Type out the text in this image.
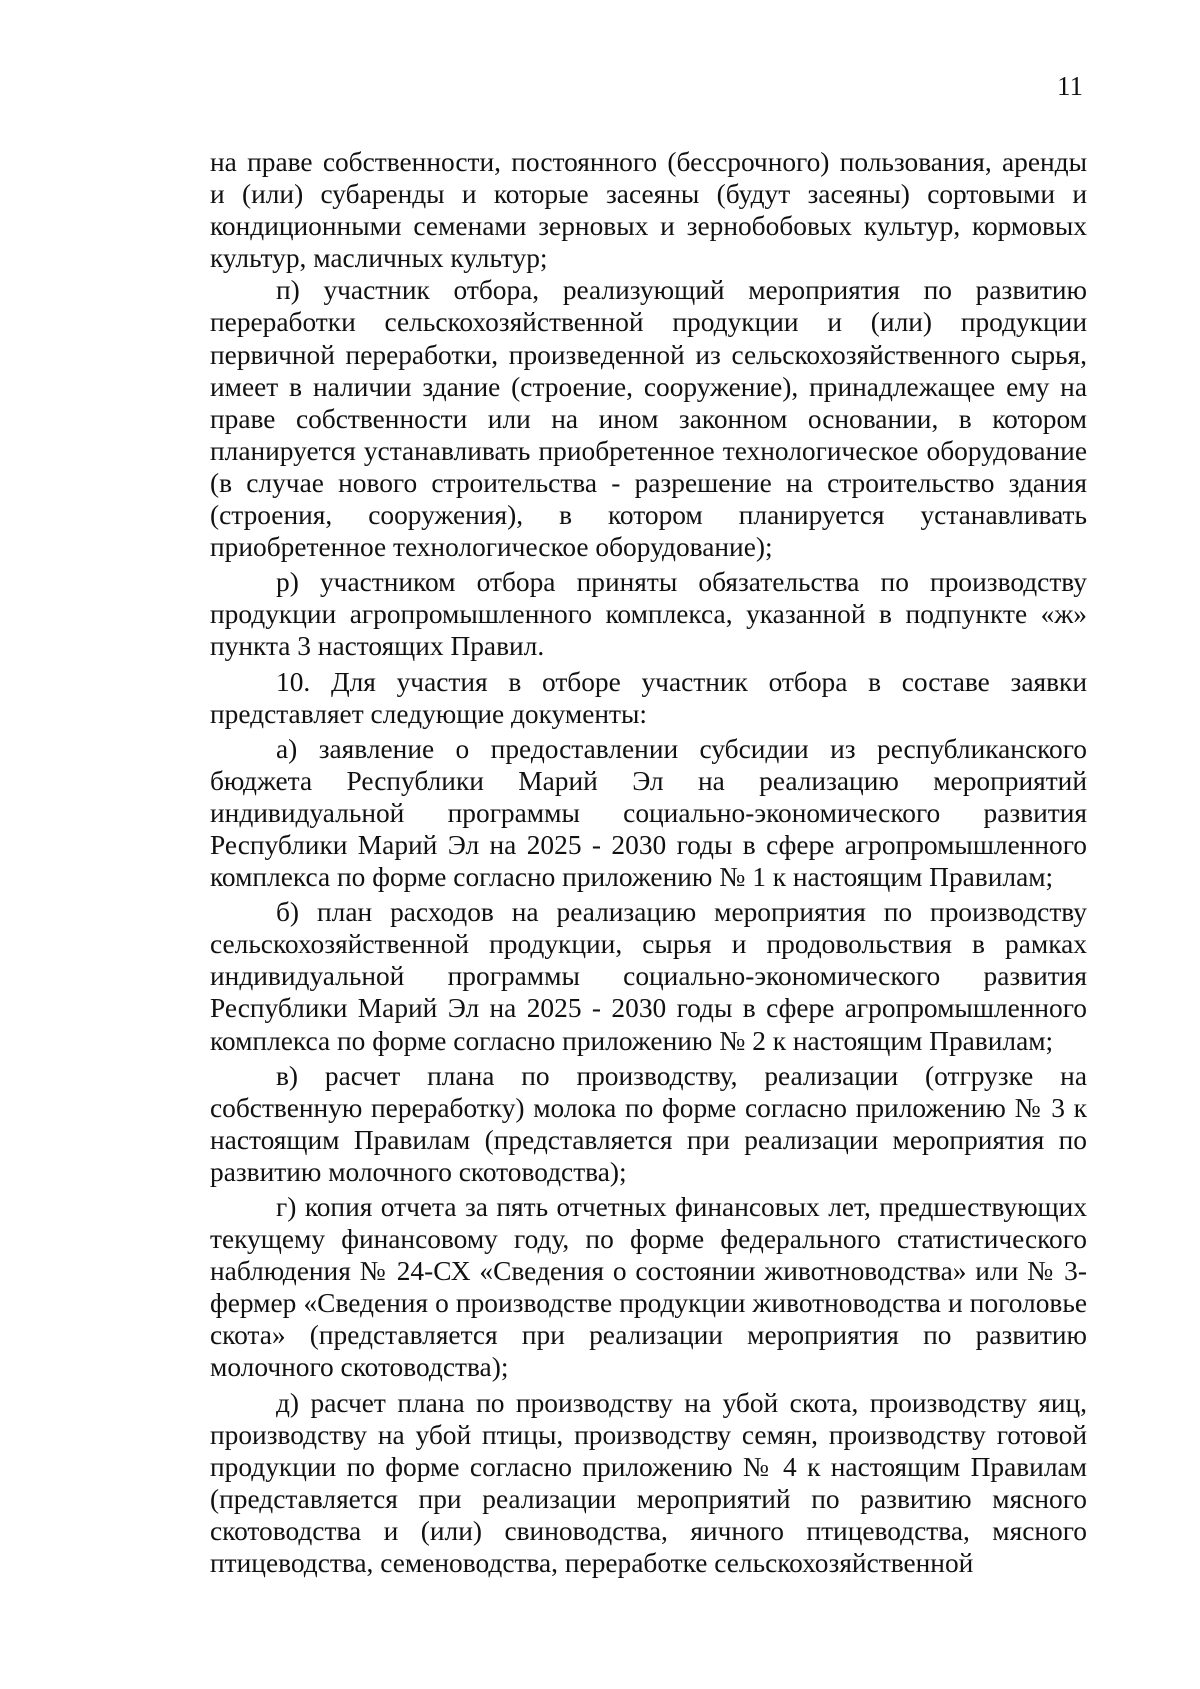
11

на праве собственности, постоянного (бессрочного) пользования, аренды и (или) субаренды и которые засеяны (будут засеяны) сортовыми и кондиционными семенами зерновых и зернобобовых культур, кормовых культур, масличных культур;

п) участник отбора, реализующий мероприятия по развитию переработки сельскохозяйственной продукции и (или) продукции первичной переработки, произведенной из сельскохозяйственного сырья, имеет в наличии здание (строение, сооружение), принадлежащее ему на праве собственности или на ином законном основании, в котором планируется устанавливать приобретенное технологическое оборудование (в случае нового строительства - разрешение на строительство здания (строения, сооружения), в котором планируется устанавливать приобретенное технологическое оборудование);

р) участником отбора приняты обязательства по производству продукции агропромышленного комплекса, указанной в подпункте «ж» пункта 3 настоящих Правил.

10. Для участия в отборе участник отбора в составе заявки представляет следующие документы:

а) заявление о предоставлении субсидии из республиканского бюджета Республики Марий Эл на реализацию мероприятий индивидуальной программы социально-экономического развития Республики Марий Эл на 2025 - 2030 годы в сфере агропромышленного комплекса по форме согласно приложению № 1 к настоящим Правилам;

б) план расходов на реализацию мероприятия по производству сельскохозяйственной продукции, сырья и продовольствия в рамках индивидуальной программы социально-экономического развития Республики Марий Эл на 2025 - 2030 годы в сфере агропромышленного комплекса по форме согласно приложению № 2 к настоящим Правилам;

в) расчет плана по производству, реализации (отгрузке на собственную переработку) молока по форме согласно приложению № 3 к настоящим Правилам (представляется при реализации мероприятия по развитию молочного скотоводства);

г) копия отчета за пять отчетных финансовых лет, предшествующих текущему финансовому году, по форме федерального статистического наблюдения № 24-СХ «Сведения о состоянии животноводства» или № 3-фермер «Сведения о производстве продукции животноводства и поголовье скота» (представляется при реализации мероприятия по развитию молочного скотоводства);

д) расчет плана по производству на убой скота, производству яиц, производству на убой птицы, производству семян, производству готовой продукции по форме согласно приложению № 4 к настоящим Правилам (представляется при реализации мероприятий по развитию мясного скотоводства и (или) свиноводства, яичного птицеводства, мясного птицеводства, семеноводства, переработке сельскохозяйственной
